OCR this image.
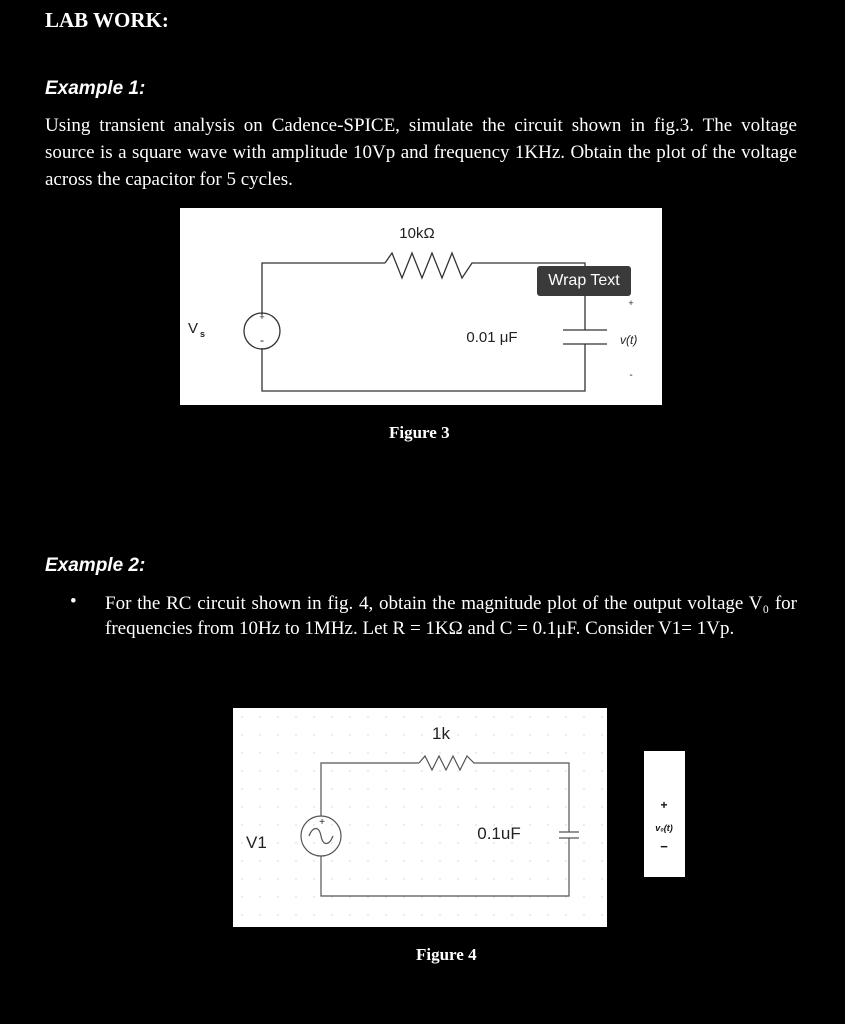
LAB WORK:
Example 1:
Using transient analysis on Cadence-SPICE, simulate the circuit shown in fig.3. The voltage source is a square wave with amplitude 10Vp and frequency 1KHz. Obtain the plot of the voltage across the capacitor for 5 cycles.
10kΩ
0.01 μF
V s
+
-
+
v(t)
-
Wrap Text
Figure 3
Example 2:
• For the RC circuit shown in fig. 4, obtain the magnitude plot of the output voltage V₀ for frequencies from 10Hz to 1MHz. Let R = 1KΩ and C = 0.1μF. Consider V1= 1Vp.
1k
0.1uF
V1
+
+
v₀(t)
−
Figure 4
